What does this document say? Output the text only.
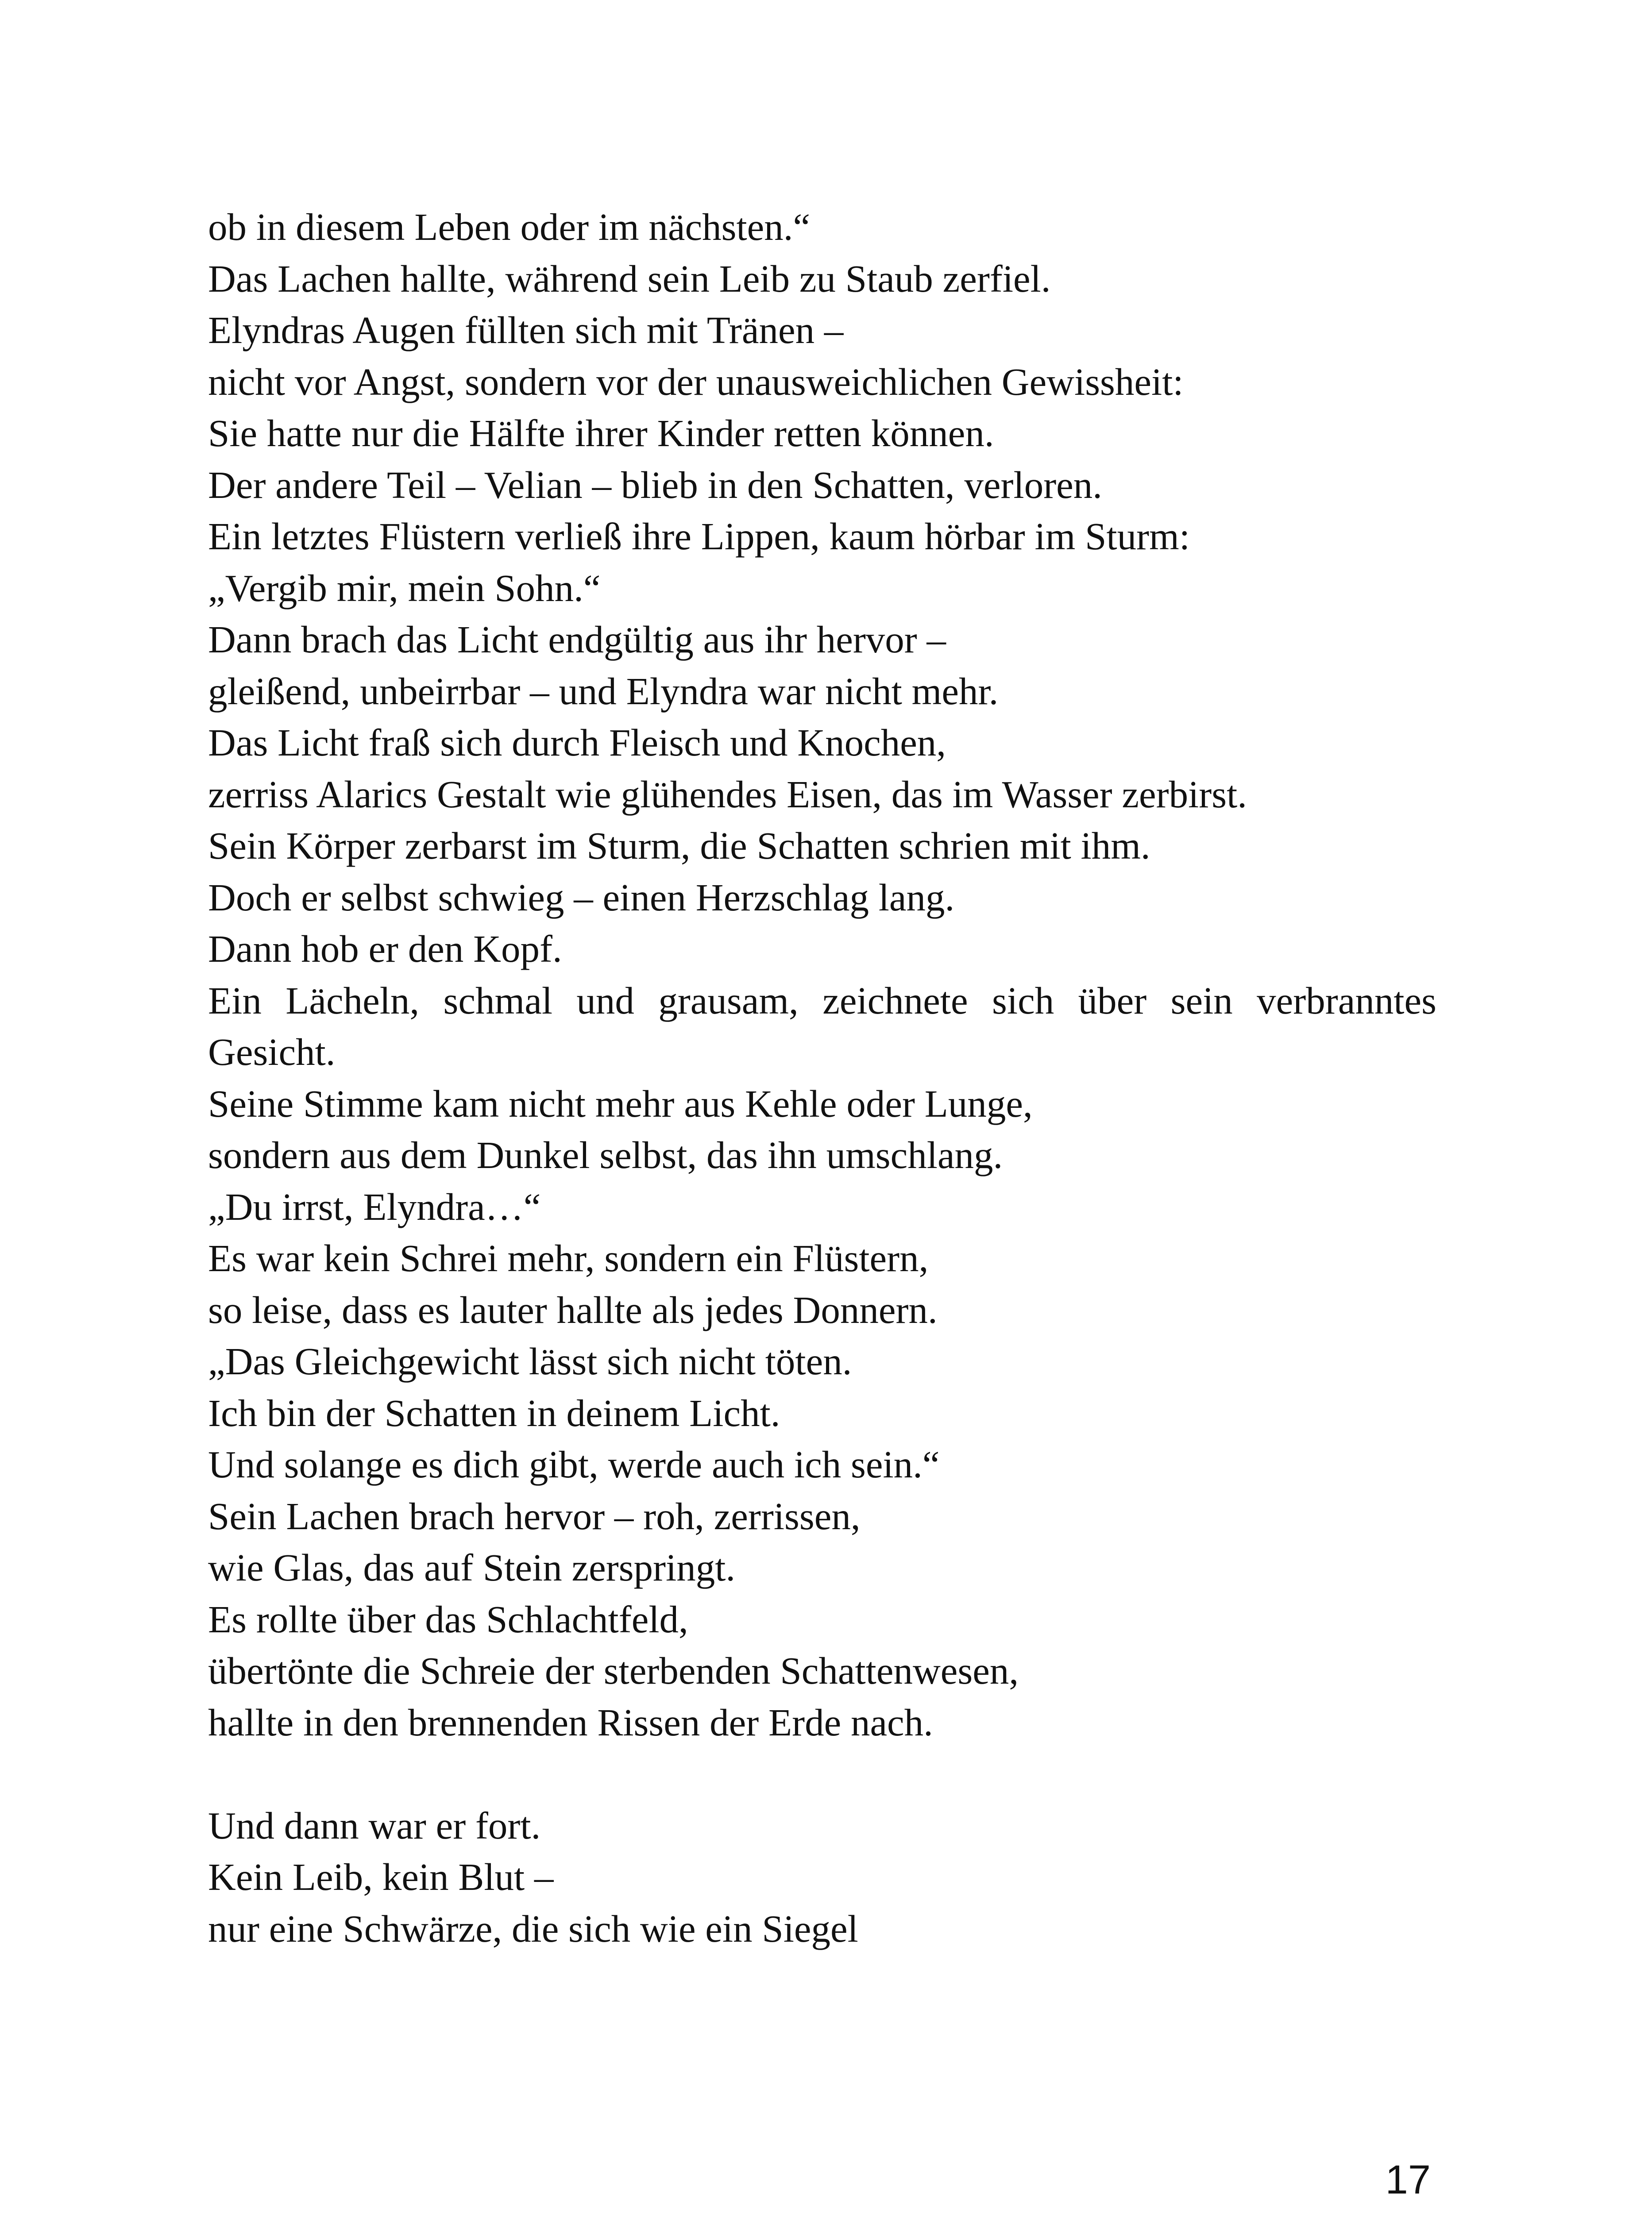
ob in diesem Leben oder im nächsten.“
Das Lachen hallte, während sein Leib zu Staub zerfiel.
Elyndras Augen füllten sich mit Tränen –
nicht vor Angst, sondern vor der unausweichlichen Gewissheit:
Sie hatte nur die Hälfte ihrer Kinder retten können.
Der andere Teil – Velian – blieb in den Schatten, verloren.
Ein letztes Flüstern verließ ihre Lippen, kaum hörbar im Sturm:
„Vergib mir, mein Sohn.“
Dann brach das Licht endgültig aus ihr hervor –
gleißend, unbeirrbar – und Elyndra war nicht mehr.
Das Licht fraß sich durch Fleisch und Knochen,
zerriss Alarics Gestalt wie glühendes Eisen, das im Wasser zerbirst.
Sein Körper zerbarst im Sturm, die Schatten schrien mit ihm.
Doch er selbst schwieg – einen Herzschlag lang.
Dann hob er den Kopf.
Ein Lächeln, schmal und grausam, zeichnete sich über sein verbranntes
Gesicht.
Seine Stimme kam nicht mehr aus Kehle oder Lunge,
sondern aus dem Dunkel selbst, das ihn umschlang.
„Du irrst, Elyndra…“
Es war kein Schrei mehr, sondern ein Flüstern,
so leise, dass es lauter hallte als jedes Donnern.
„Das Gleichgewicht lässt sich nicht töten.
Ich bin der Schatten in deinem Licht.
Und solange es dich gibt, werde auch ich sein.“
Sein Lachen brach hervor – roh, zerrissen,
wie Glas, das auf Stein zerspringt.
Es rollte über das Schlachtfeld,
übertönte die Schreie der sterbenden Schattenwesen,
hallte in den brennenden Rissen der Erde nach.
Und dann war er fort.
Kein Leib, kein Blut –
nur eine Schwärze, die sich wie ein Siegel
17
